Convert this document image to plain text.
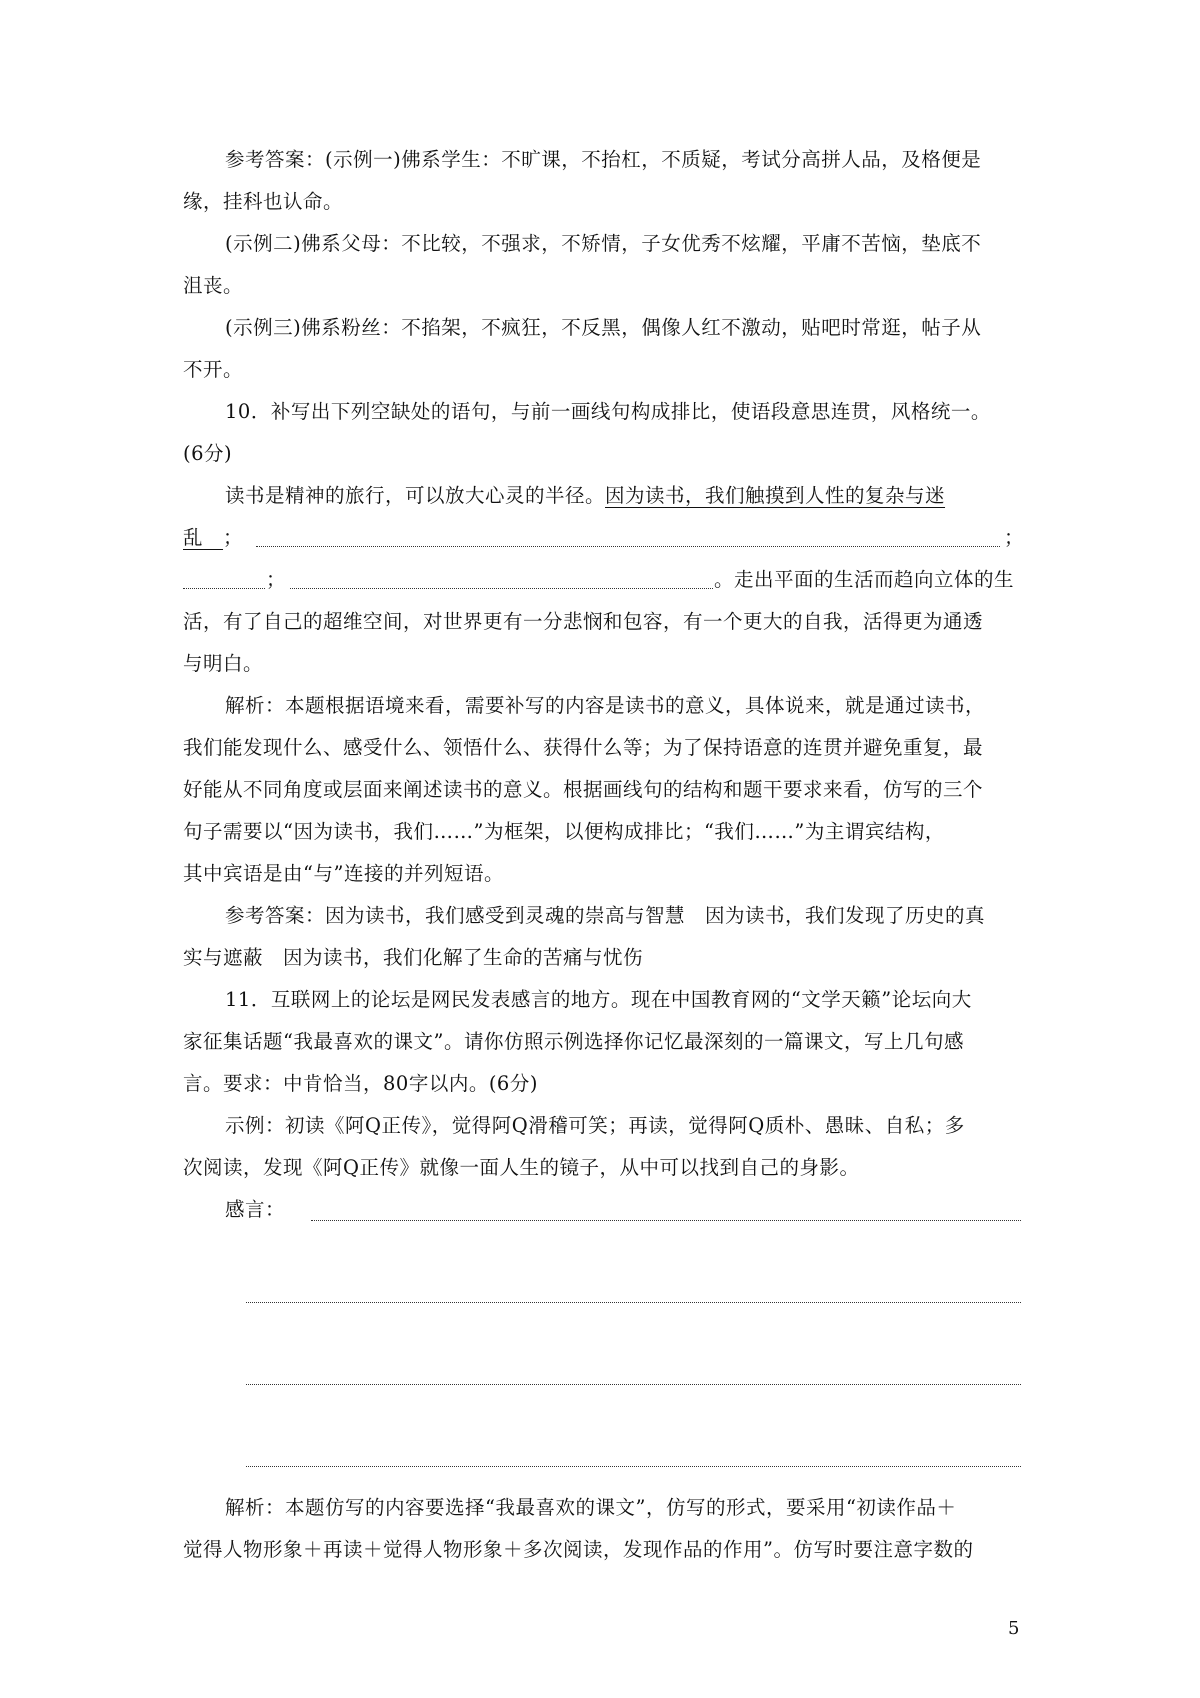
参考答案：(示例一)佛系学生：不旷课，不抬杠，不质疑，考试分高拼人品，及格便是
缘，挂科也认命。
(示例二)佛系父母：不比较，不强求，不矫情，子女优秀不炫耀，平庸不苦恼，垫底不
沮丧。
(示例三)佛系粉丝：不掐架，不疯狂，不反黑，偶像人红不激动，贴吧时常逛，帖子从
不开。
10．补写出下列空缺处的语句，与前一画线句构成排比，使语段意思连贯，风格统一。
(6分)
读书是精神的旅行，可以放大心灵的半径。因为读书，我们触摸到人性的复杂与迷
乱　 ；	；
；	。走出平面的生活而趋向立体的生
活，有了自己的超维空间，对世界更有一分悲悯和包容，有一个更大的自我，活得更为通透
与明白。
解析：本题根据语境来看，需要补写的内容是读书的意义，具体说来，就是通过读书，
我们能发现什么、感受什么、领悟什么、获得什么等；为了保持语意的连贯并避免重复，最
好能从不同角度或层面来阐述读书的意义。根据画线句的结构和题干要求来看，仿写的三个
句子需要以“因为读书，我们……”为框架，以便构成排比；“我们……”为主谓宾结构，
其中宾语是由“与”连接的并列短语。
参考答案：因为读书，我们感受到灵魂的崇高与智慧　因为读书，我们发现了历史的真
实与遮蔽　因为读书，我们化解了生命的苦痛与忧伤
11．互联网上的论坛是网民发表感言的地方。现在中国教育网的“文学天籁”论坛向大
家征集话题“我最喜欢的课文”。请你仿照示例选择你记忆最深刻的一篇课文，写上几句感
言。要求：中肯恰当，80字以内。(6分)
示例：初读《阿Q正传》，觉得阿Q滑稽可笑；再读，觉得阿Q质朴、愚昧、自私；多
次阅读，发现《阿Q正传》就像一面人生的镜子，从中可以找到自己的身影。
感言：
解析：本题仿写的内容要选择“我最喜欢的课文”，仿写的形式，要采用“初读作品＋
觉得人物形象＋再读＋觉得人物形象＋多次阅读，发现作品的作用”。仿写时要注意字数的
5
